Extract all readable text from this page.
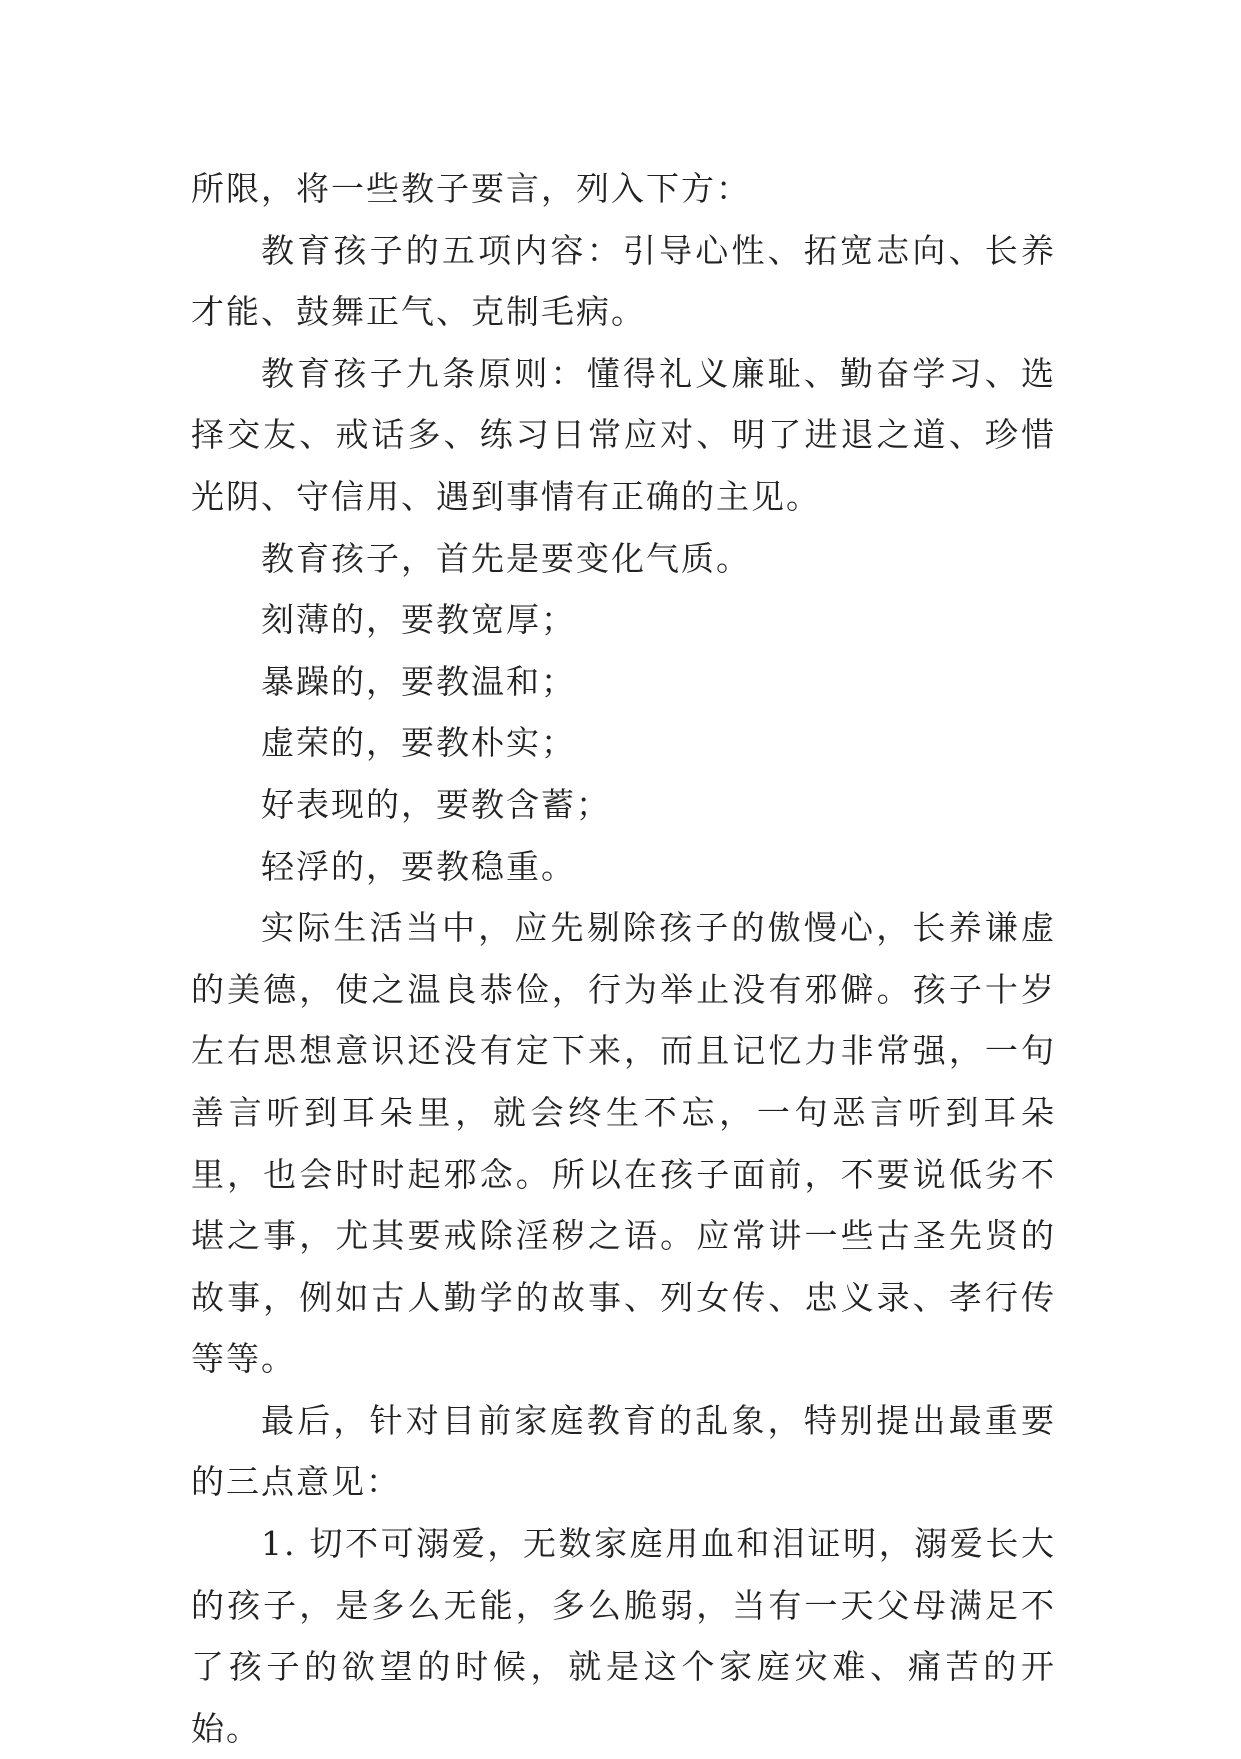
所限，将一些教子要言，列入下方：

教育孩子的五项内容：引导心性、拓宽志向、长养才能、鼓舞正气、克制毛病。

教育孩子九条原则：懂得礼义廉耻、勤奋学习、选择交友、戒话多、练习日常应对、明了进退之道、珍惜光阴、守信用、遇到事情有正确的主见。

教育孩子，首先是要变化气质。

刻薄的，要教宽厚；

暴躁的，要教温和；

虚荣的，要教朴实；

好表现的，要教含蓄；

轻浮的，要教稳重。

实际生活当中，应先剔除孩子的傲慢心，长养谦虚的美德，使之温良恭俭，行为举止没有邪僻。孩子十岁左右思想意识还没有定下来，而且记忆力非常强，一句善言听到耳朵里，就会终生不忘，一句恶言听到耳朵里，也会时时起邪念。所以在孩子面前，不要说低劣不堪之事，尤其要戒除淫秽之语。应常讲一些古圣先贤的故事，例如古人勤学的故事、列女传、忠义录、孝行传等等。

最后，针对目前家庭教育的乱象，特别提出最重要的三点意见：

1. 切不可溺爱，无数家庭用血和泪证明，溺爱长大的孩子，是多么无能，多么脆弱，当有一天父母满足不了孩子的欲望的时候，就是这个家庭灾难、痛苦的开始。
